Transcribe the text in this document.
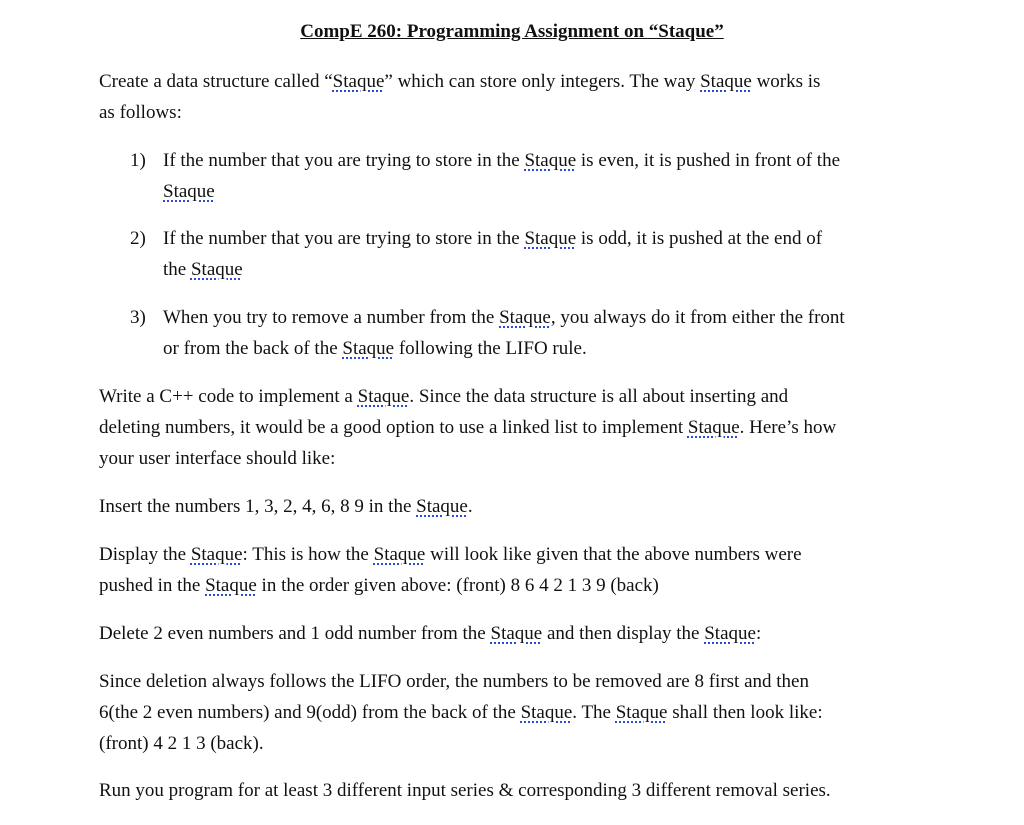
CompE 260: Programming Assignment on “Staque”
Create a data structure called “Staque” which can store only integers. The way Staque works is
as follows:
1) If the number that you are trying to store in the Staque is even, it is pushed in front of the
Staque
2) If the number that you are trying to store in the Staque is odd, it is pushed at the end of
the Staque
3) When you try to remove a number from the Staque, you always do it from either the front
or from the back of the Staque following the LIFO rule.
Write a C++ code to implement a Staque. Since the data structure is all about inserting and
deleting numbers, it would be a good option to use a linked list to implement Staque. Here’s how
your user interface should like:
Insert the numbers 1, 3, 2, 4, 6, 8 9 in the Staque.
Display the Staque: This is how the Staque will look like given that the above numbers were
pushed in the Staque in the order given above: (front) 8 6 4 2 1 3 9 (back)
Delete 2 even numbers and 1 odd number from the Staque and then display the Staque:
Since deletion always follows the LIFO order, the numbers to be removed are 8 first and then
6(the 2 even numbers) and 9(odd) from the back of the Staque. The Staque shall then look like:
(front) 4 2 1 3 (back).
Run you program for at least 3 different input series & corresponding 3 different removal series.
